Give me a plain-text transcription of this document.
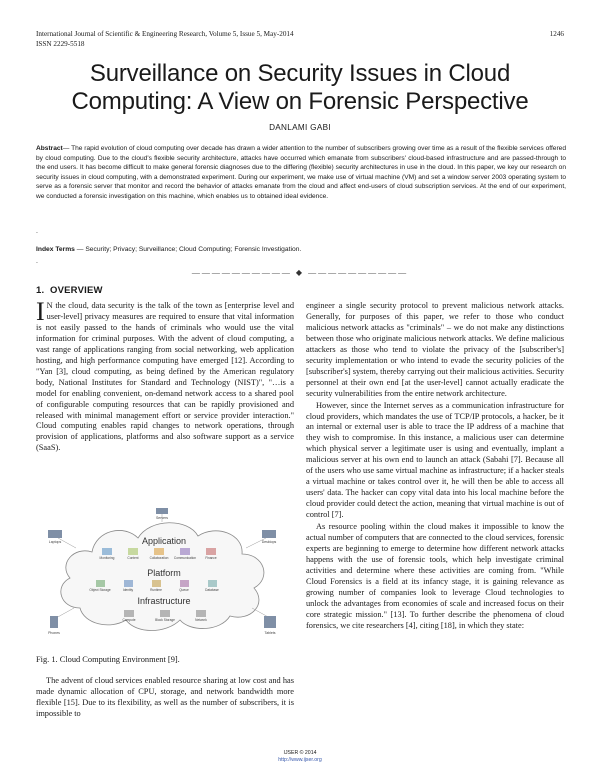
International Journal of Scientific & Engineering Research, Volume 5, Issue 5, May-2014
ISSN 2229-5518
1246
Surveillance on Security Issues in Cloud Computing: A View on Forensic Perspective
DANLAMI GABI
Abstract— The rapid evolution of cloud computing over decade has drawn a wider attention to the number of subscribers growing over time as a result of the flexible services offered by cloud computing. Due to the cloud's flexible security architecture, attacks have occurred which emanate from subscribers' cloud-based infrastructure and are passed-through to the end users. It has become difficult to make general forensic diagnoses due to the differing (flexible) security architectures in use in the cloud. In this paper, we key our research on security issues in cloud computing, with a demonstrated experiment. During our experiment, we make use of virtual machine (VM) and set a window server 2003 operating system to serve as a forensic server that monitor and record the behavior of attacks emanate from the cloud and affect end-users of cloud subscription services. At the end of our experiment, we conducted a forensic investigation on this machine, which enables us to obtained ideal evidence.
.
Index Terms — Security; Privacy; Surveillance; Cloud Computing; Forensic Investigation.
.
—————————— ◆ ——————————
1. OVERVIEW

I N the cloud, data security is the talk of the town as [enterprise level and user-level] privacy measures are required to ensure that vital information is not easily passed to the hands of criminals who would use the vital information for criminal purposes. With the advent of cloud computing, a vast range of applications ranging from social networking, web application hosting, and high performance computing have emerged [12]. According to "Yan [3], cloud computing, as being defined by the American regulatory body, National Institutes for Standard and Technology (NIST)", "…is a model for enabling convenient, on-demand network access to a shared pool of configurable computing resources that can be rapidly provisioned and released with minimal management effort or service provider interaction." Cloud computing enables rapid changes to network operations, through provision of applications, platforms and also software support as a service (SaaS).

Application
Platform
Infrastructure
Monitoring	Content	Collaboration Communication	Finance
Object Storage	Identity	Runtime	Queue	Database
Compute	Block Storage	Network
Servers
Laptops	Desktops
Phones	Tablets
Fig. 1. Cloud Computing Environment [9].

The advent of cloud services enabled resource sharing at low cost and has made dynamic allocation of CPU, storage, and network bandwidth more flexible [15]. Due to its flexibility, as well as the number of subscribers, it is impossible to

engineer a single security protocol to prevent malicious network attacks. Generally, for purposes of this paper, we refer to those who conduct malicious network attacks as "criminals" – we do not make any distinctions between those who originate malicious network attacks. We define malicious attackers as those who tend to violate the privacy of the [subscriber's] security implementation or who intend to evade the security policies of the [subscriber's] system, thereby carrying out their malicious activities. Security personnel at their own end [at the user-level] cannot actually eradicate the security vulnerabilities from the entire network architecture.

However, since the Internet serves as a communication infrastructure for cloud providers, which mandates the use of TCP/IP protocols, a hacker, be it an internal or external user is able to trace the IP address of a machine that they wish to compromise. In this instance, a malicious user can determine which physical server a legitimate user is using and eventually, implant a malicious server at his own end to launch an attack (Sabahi [7]. Because all of the users who use same virtual machine as infrastructure; if a hacker steals a virtual machine or takes control over it, he will then be able to access all users' data. The hacker can copy vital data into his local machine before the cloud provider could detect the action, meaning that virtual machine is out of control [7].

As resource pooling within the cloud makes it impossible to know the actual number of computers that are connected to the cloud services, forensic experts are beginning to emerge to determine how different network attacks happens with the use of forensic tools, which help investigate criminal activities and determine where these activities are coming from. "While Cloud Forensics is a field at its infancy stage, it is gaining relevance as growing number of companies look to leverage Cloud technologies to unlock the advantages from economies of scale and increased focus on their core strategic mission." [13]. To further describe the phenomena of cloud forensics, we cite researchers [4], citing [18], in which they state:

IJSER © 2014
http://www.ijser.org
